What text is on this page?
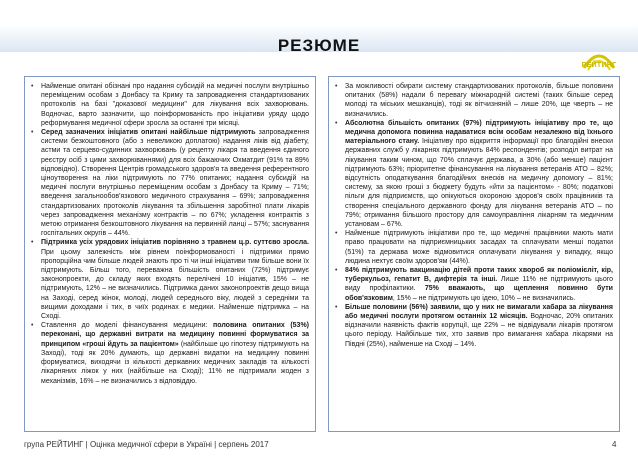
РЕЗЮМЕ
РЕЙТИНГ
• Найменше опитані обізнані про надання субсидій на медичні послуги внутрішньо переміщеним особам з Донбасу та Криму та запровадження стандартизованих протоколів на базі "доказової медицини" для лікування всіх захворювань. Водночас, варто зазначити, що поінформованість про ініціативи уряду щодо реформування медичної сфери зросла за останні три місяці.
• Серед зазначених ініціатив опитані найбільше підтримують запровадження системи безкоштовного (або з невеликою доплатою) надання ліків від діабету, астми та серцево-судинних захворювань (у рецепту лікаря та введення єдиного реєстру осіб з цими захворюваннями) для всіх бажаючих Охматдит (91% та 89% відповідно). Створення Центрів громадського здоров'я та введення референтного ціноутворення на ліки підтримують по 77% опитаних; надання субсидій на медичні послуги внутрішньо переміщеним особам з Донбасу та Криму – 71%; введення загальнообов'язкового медичного страхування – 69%; запровадження стандартизованих протоколів лікування та збільшення заробітної плати лікарів через запровадження механізму контрактів – по 67%; укладення контрактів з метою отримання безкоштовного лікування на первинній ланці – 57%; заснування госпітальних округів – 44%.
• Підтримка усіх урядових ініціатив порівняно з травнем ц.р. суттєво зросла. При цьому залежність між рівнем поінформованості і підтримки прямо пропорційна чим більше людей знають про ті чи інші ініціативи тим більше вони їх підтримують. Більш того, переважна більшість опитаних (72%) підтримує законопроекти, до складу яких входять перелічені 10 ініціатив, 15% – не підтримують, 12% – не визначились. Підтримка даних законопроектів дещо вища на Заході, серед жінок, молоді, людей середнього віку, людей з середніми та вищими доходами і тих, в чиїх родинах є медики. Найменше підтримка – на Сході.
• Ставлення до моделі фінансування медицини: половина опитаних (53%) переконані, що державні витрати на медицину повинні формуватися за принципом «гроші йдуть за пацієнтом» (найбільше цю гіпотезу підтримують на Заході), тоді як 20% думають, що державні видатки на медицину повинні формуватися, виходячи із кількості державних медичних закладів та кількості лікарняних ліжок у них (найбільше на Сході); 11% не підтримали жоден з механізмів, 16% – не визначились з відповіддю.
• За можливості обирати систему стандартизованих протоколів, більше половини опитаних (58%) надали б перевагу міжнародній системі (таких більше серед молоді та міських мешканців), тоді як вітчизняній – лише 20%, ще чверть – не визначились.
• Абсолютна більшість опитаних (97%) підтримують ініціативу про те, що медична допомога повинна надаватися всім особам незалежно від їхнього матеріального стану. Ініціативу про відкриття інформації про благодійні внески державних служб у лікарнях підтримують 84% респондентів; розподіл витрат на лікування таким чином, що 70% сплачує держава, а 30% (або менше) пацієнт підтримують 63%; пріоритетне фінансування на лікування ветеранів АТО – 82%; відсутність оподаткування благодійних внесків на медичну допомогу – 81%; систему, за якою гроші з бюджету будуть «йти за пацієнтом» - 80%; податкові пільги для підприємств, що опікуються охороною здоров'я своїх працівників та створення спеціального державного фонду для лікування ветеранів АТО – по 79%; отримання більшого простору для самоуправління лікарням та медичним установам – 67%.
• Найменше підтримують ініціативи про те, що медичні працівники мають мати право працювати на підприємницьких засадах та сплачувати менші податки (51%) та держава може відмовитися оплачувати лікування у випадку, якщо людина нехтує своїм здоров'ям (44%).
• 84% підтримують вакцинацію дітей проти таких хвороб як поліомієліт, кір, туберкульоз, гепатит В, дифтерія та інші. Лише 11% не підтримують цього виду профілактики. 75% вважають, що щеплення повинно бути обов'язковим, 15% – не підтримують цю ідею, 10% – не визначились.
• Більше половини (56%) заявили, що у них не вимагали хабара за лікування або медичні послуги протягом останніх 12 місяців. Водночас, 20% опитаних відзначили наявність фактів корупції, ще 22% – не відвідували лікарів протягом цього періоду. Найбільше тих, хто заявив про вимагання хабара лікарями на Півдні (25%), найменше на Сході – 14%.
група РЕЙТИНГ | Оцінка медичної сфери в Україні | серпень 2017	4
